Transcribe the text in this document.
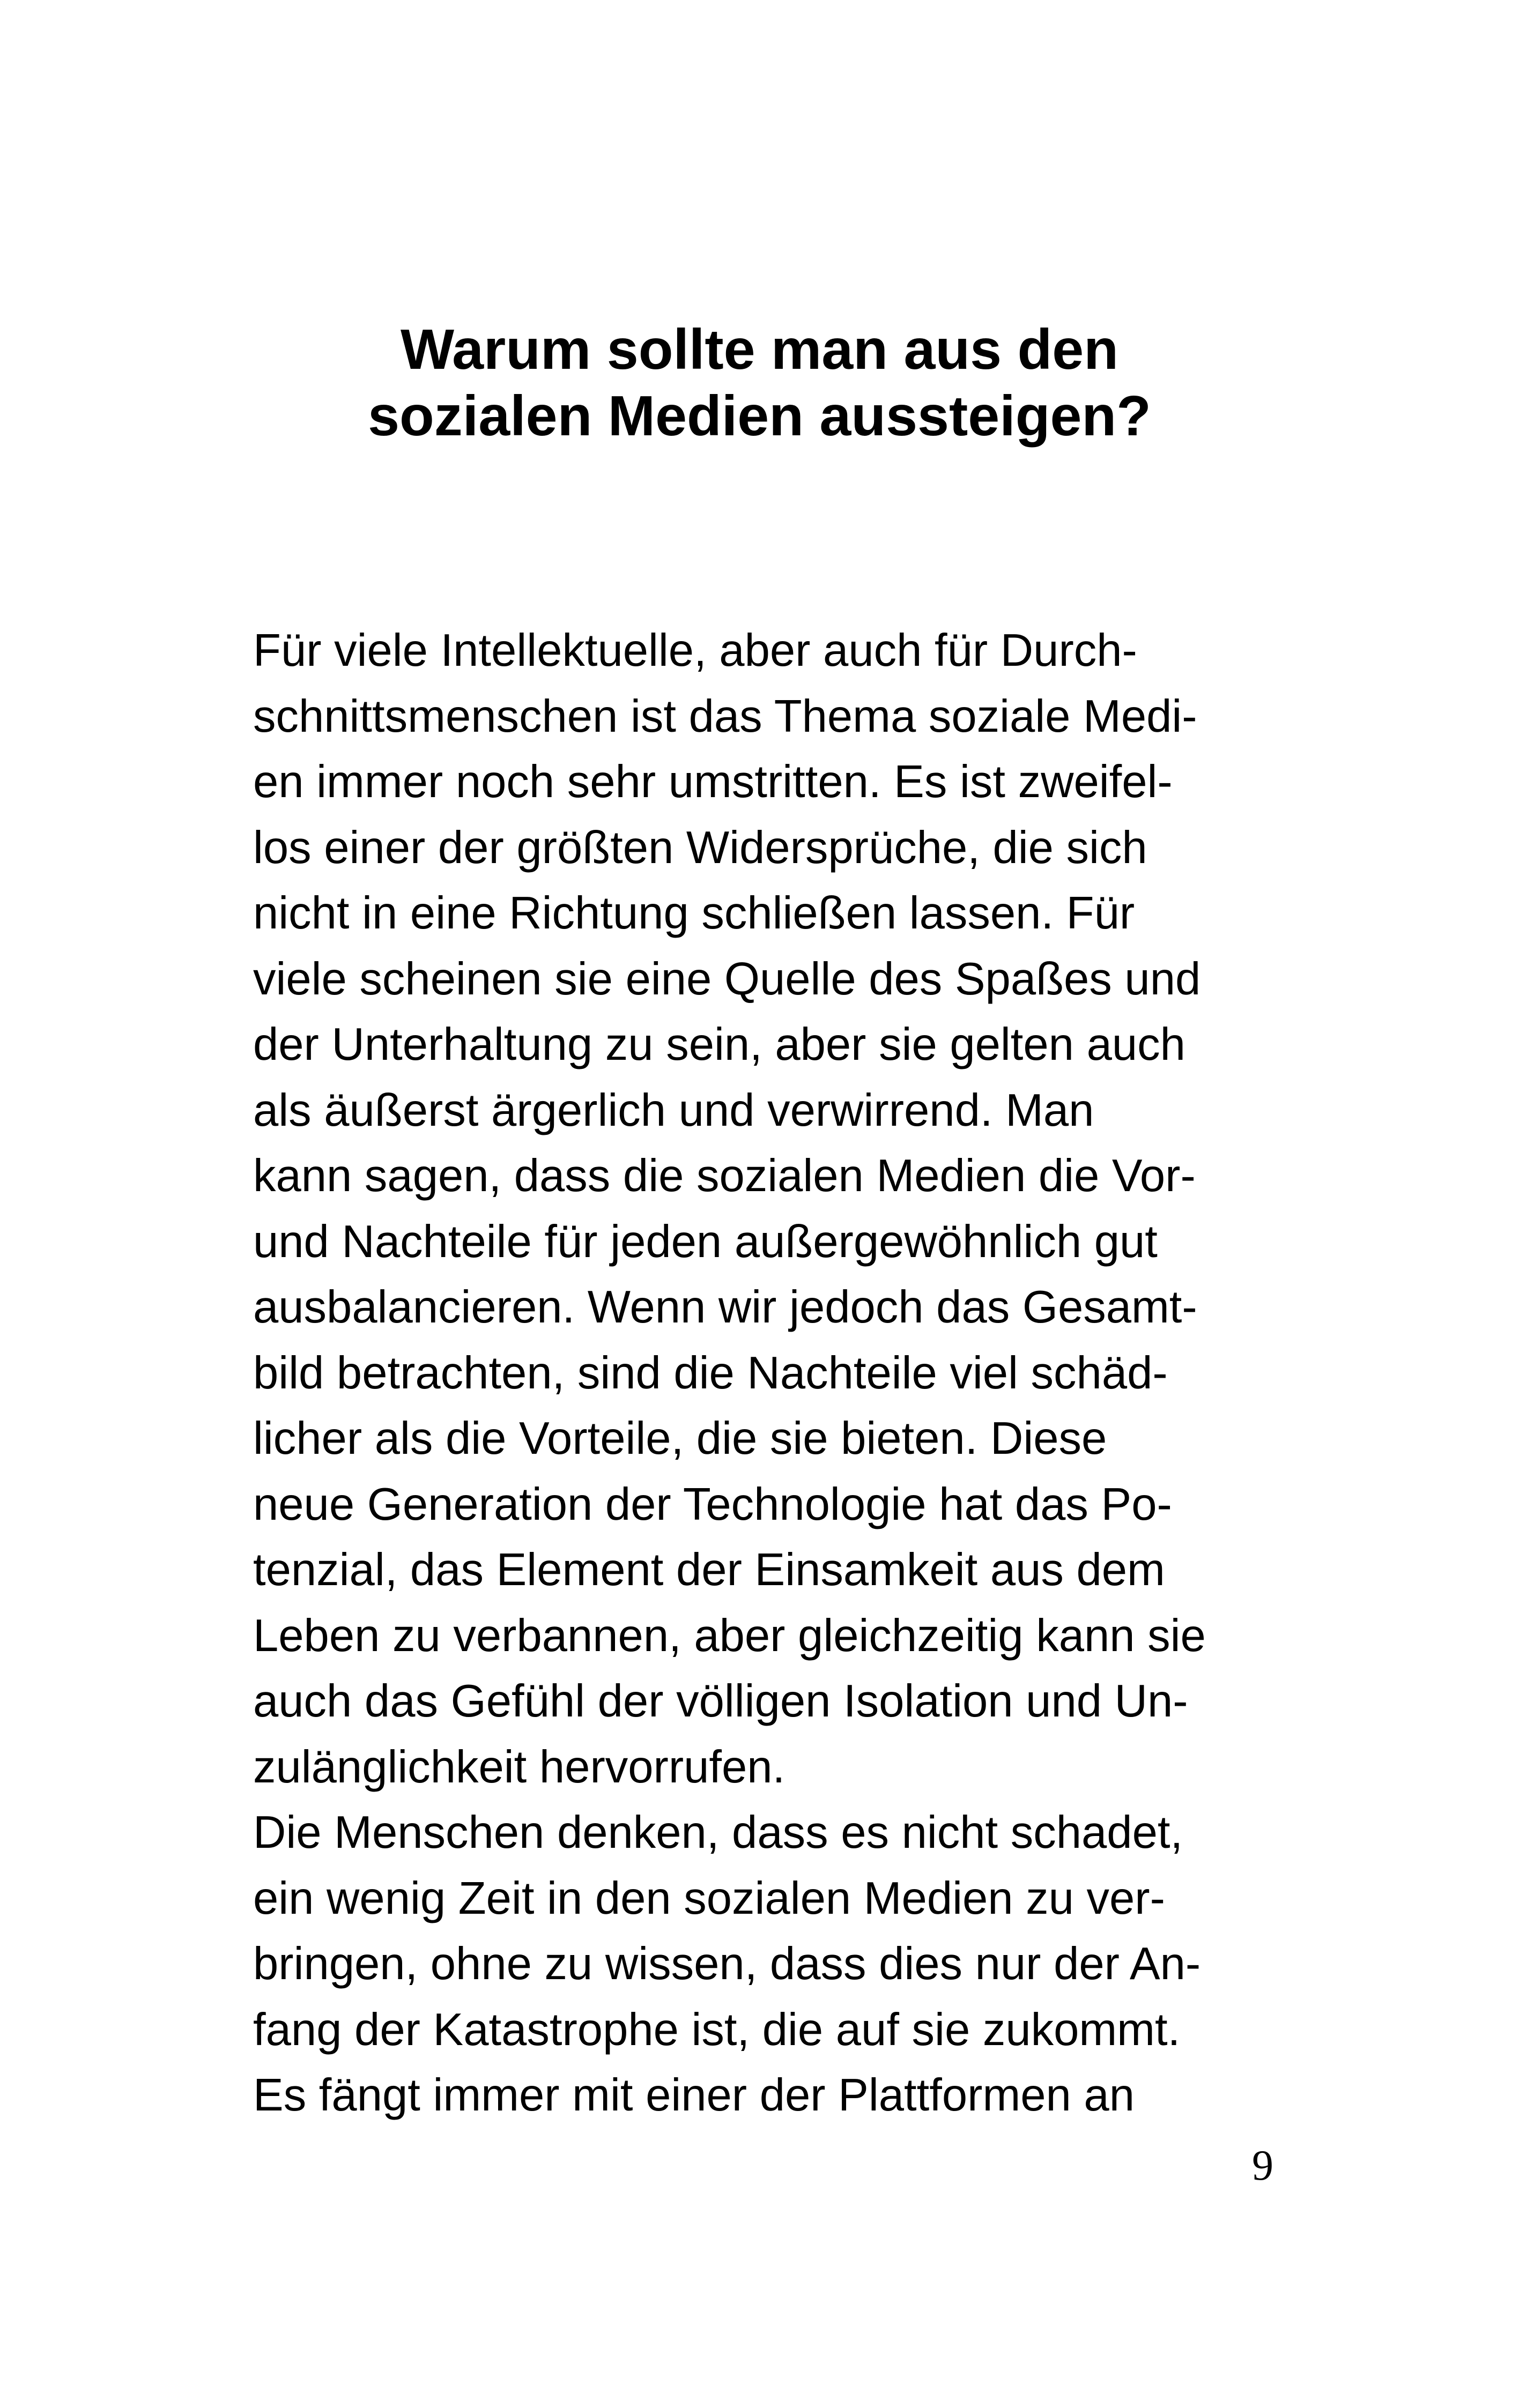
Warum sollte man aus den
sozialen Medien aussteigen?
Für viele Intellektuelle, aber auch für Durch-
schnittsmenschen ist das Thema soziale Medi-
en immer noch sehr umstritten. Es ist zweifel-
los einer der größten Widersprüche, die sich
nicht in eine Richtung schließen lassen. Für
viele scheinen sie eine Quelle des Spaßes und
der Unterhaltung zu sein, aber sie gelten auch
als äußerst ärgerlich und verwirrend. Man
kann sagen, dass die sozialen Medien die Vor-
und Nachteile für jeden außergewöhnlich gut
ausbalancieren. Wenn wir jedoch das Gesamt-
bild betrachten, sind die Nachteile viel schäd-
licher als die Vorteile, die sie bieten. Diese
neue Generation der Technologie hat das Po-
tenzial, das Element der Einsamkeit aus dem
Leben zu verbannen, aber gleichzeitig kann sie
auch das Gefühl der völligen Isolation und Un-
zulänglichkeit hervorrufen.
Die Menschen denken, dass es nicht schadet,
ein wenig Zeit in den sozialen Medien zu ver-
bringen, ohne zu wissen, dass dies nur der An-
fang der Katastrophe ist, die auf sie zukommt.
Es fängt immer mit einer der Plattformen an
9
